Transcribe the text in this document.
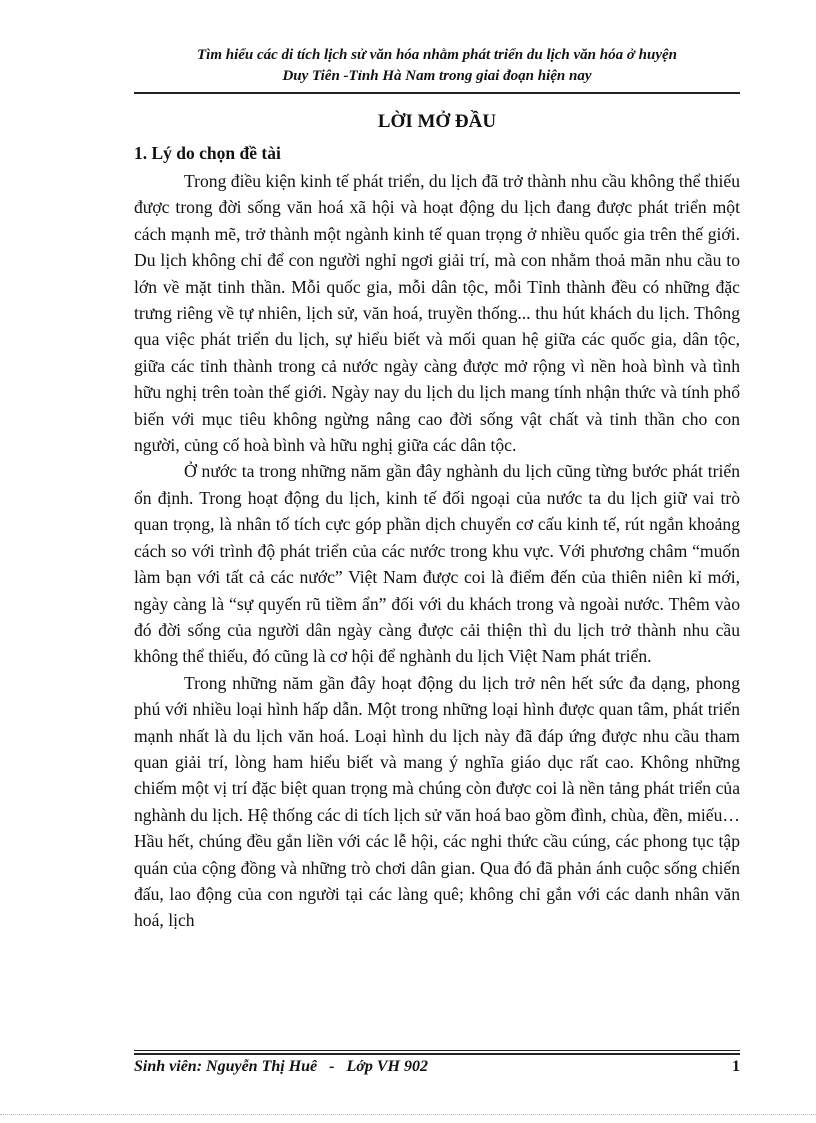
Tìm hiểu các di tích lịch sử văn hóa nhằm phát triển du lịch văn hóa ở huyện
Duy Tiên -Tỉnh Hà Nam trong giai đoạn hiện nay
LỜI MỞ ĐẦU
1. Lý do chọn đề tài

Trong điều kiện kinh tế phát triển, du lịch đã trở thành nhu cầu không thể thiếu được trong đời sống văn hoá xã hội và hoạt động du lịch đang được phát triển một cách mạnh mẽ, trở thành một ngành kinh tế quan trọng ở nhiều quốc gia trên thế giới. Du lịch không chỉ để con người nghỉ ngơi giải trí, mà con nhằm thoả mãn nhu cầu to lớn về mặt tinh thần. Mỗi quốc gia, mỗi dân tộc, mỗi Tỉnh thành đều có những đặc trưng riêng về tự nhiên, lịch sử, văn hoá, truyền thống... thu hút khách du lịch. Thông qua việc phát triển du lịch, sự hiểu biết và mối quan hệ giữa các quốc gia, dân tộc, giữa các tỉnh thành trong cả nước ngày càng được mở rộng vì nền hoà bình và tình hữu nghị trên toàn thế giới. Ngày nay du lịch du lịch mang tính nhận thức và tính phổ biến với mục tiêu không ngừng nâng cao đời sống vật chất và tinh thần cho con người, củng cố hoà bình và hữu nghị giữa các dân tộc.

Ở nước ta trong những năm gần đây nghành du lịch cũng từng bước phát triển ổn định. Trong hoạt động du lịch, kinh tế đối ngoại của nước ta du lịch giữ vai trò quan trọng, là nhân tố tích cực góp phần dịch chuyển cơ cấu kinh tế, rút ngắn khoảng cách so với trình độ phát triển của các nước trong khu vực. Với phương châm “muốn làm bạn với tất cả các nước” Việt Nam được coi là điểm đến của thiên niên kỉ mới, ngày càng là “sự quyến rũ tiềm ẩn” đối với du khách trong và ngoài nước. Thêm vào đó đời sống của người dân ngày càng được cải thiện thì du lịch trở thành nhu cầu không thể thiếu, đó cũng là cơ hội để nghành du lịch Việt Nam phát triển.

Trong những năm gần đây hoạt động du lịch trở nên hết sức đa dạng, phong phú với nhiều loại hình hấp dẫn. Một trong những loại hình được quan tâm, phát triển mạnh nhất là du lịch văn hoá. Loại hình du lịch này đã đáp ứng được nhu cầu tham quan giải trí, lòng ham hiểu biết và mang ý nghĩa giáo dục rất cao. Không những chiếm một vị trí đặc biệt quan trọng mà chúng còn được coi là nền tảng phát triển của nghành du lịch. Hệ thống các di tích lịch sử văn hoá bao gồm đình, chùa, đền, miếu… Hầu hết, chúng đều gắn liền với các lễ hội, các nghi thức cầu cúng, các phong tục tập quán của cộng đồng và những trò chơi dân gian. Qua đó đã phản ánh cuộc sống chiến đấu, lao động của con người tại các làng quê; không chỉ gắn với các danh nhân văn hoá, lịch

Sinh viên: Nguyễn Thị Huê   -   Lớp VH 902	1
